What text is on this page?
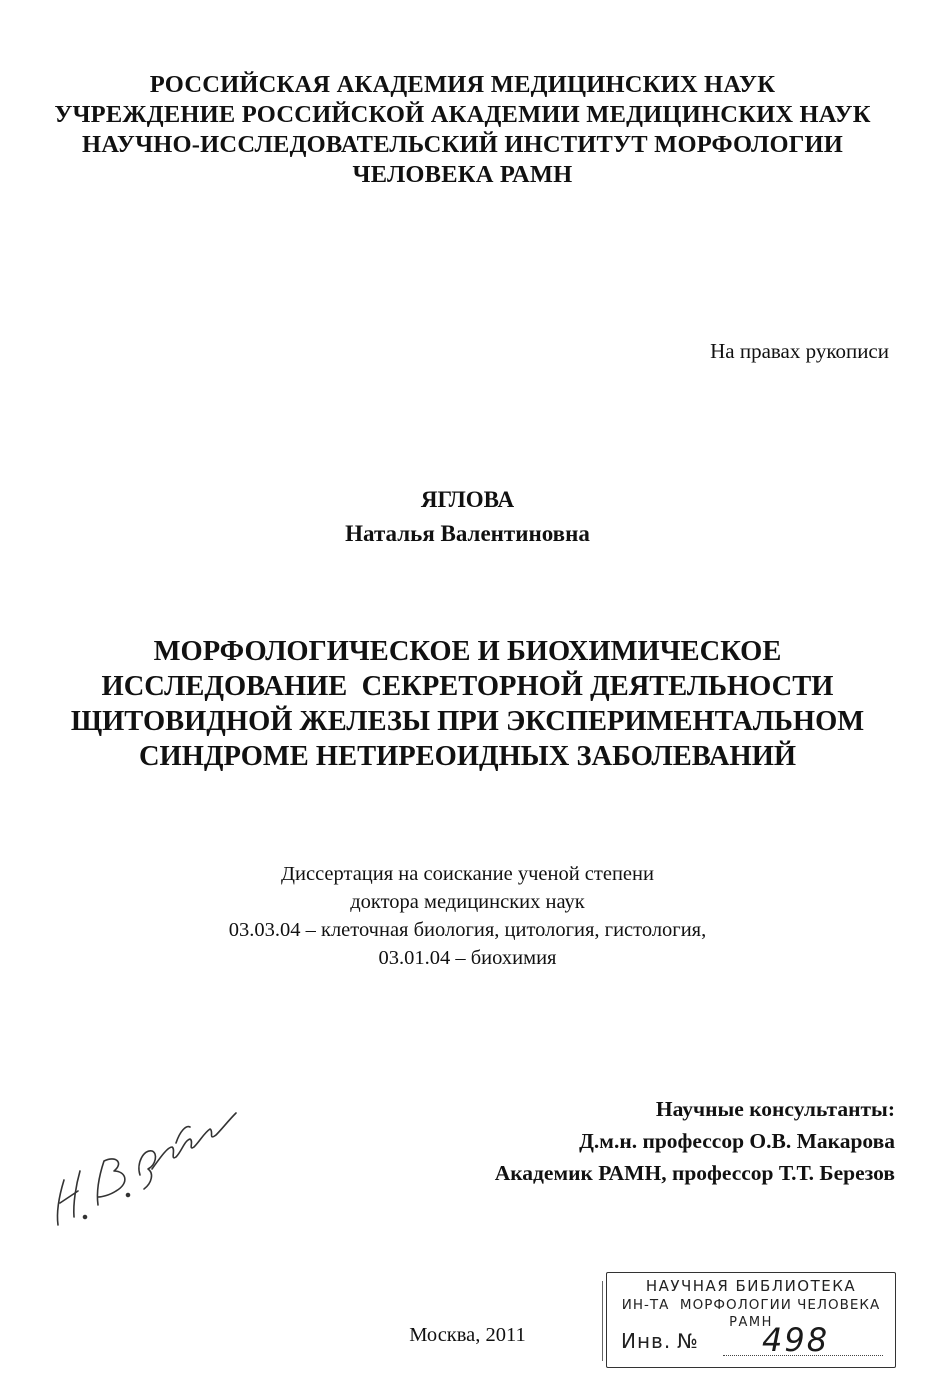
РОССИЙСКАЯ АКАДЕМИЯ МЕДИЦИНСКИХ НАУК
УЧРЕЖДЕНИЕ РОССИЙСКОЙ АКАДЕМИИ МЕДИЦИНСКИХ НАУК
НАУЧНО-ИССЛЕДОВАТЕЛЬСКИЙ ИНСТИТУТ МОРФОЛОГИИ
ЧЕЛОВЕКА РАМН
На правах рукописи
ЯГЛОВА
Наталья Валентиновна
МОРФОЛОГИЧЕСКОЕ И БИОХИМИЧЕСКОЕ
ИССЛЕДОВАНИЕ  СЕКРЕТОРНОЙ ДЕЯТЕЛЬНОСТИ
ЩИТОВИДНОЙ ЖЕЛЕЗЫ ПРИ ЭКСПЕРИМЕНТАЛЬНОМ
СИНДРОМЕ НЕТИРЕОИДНЫХ ЗАБОЛЕВАНИЙ
Диссертация на соискание ученой степени
доктора медицинских наук
03.03.04 – клеточная биология, цитология, гистология,
03.01.04 – биохимия
Научные консультанты:
Д.м.н. профессор О.В. Макарова
Академик РАМН, профессор Т.Т. Березов
НАУЧНАЯ БИБЛИОТЕКА
ИН-ТА  МОРФОЛОГИИ ЧЕЛОВЕКА
РАМН
Инв. № 498
Москва, 2011
